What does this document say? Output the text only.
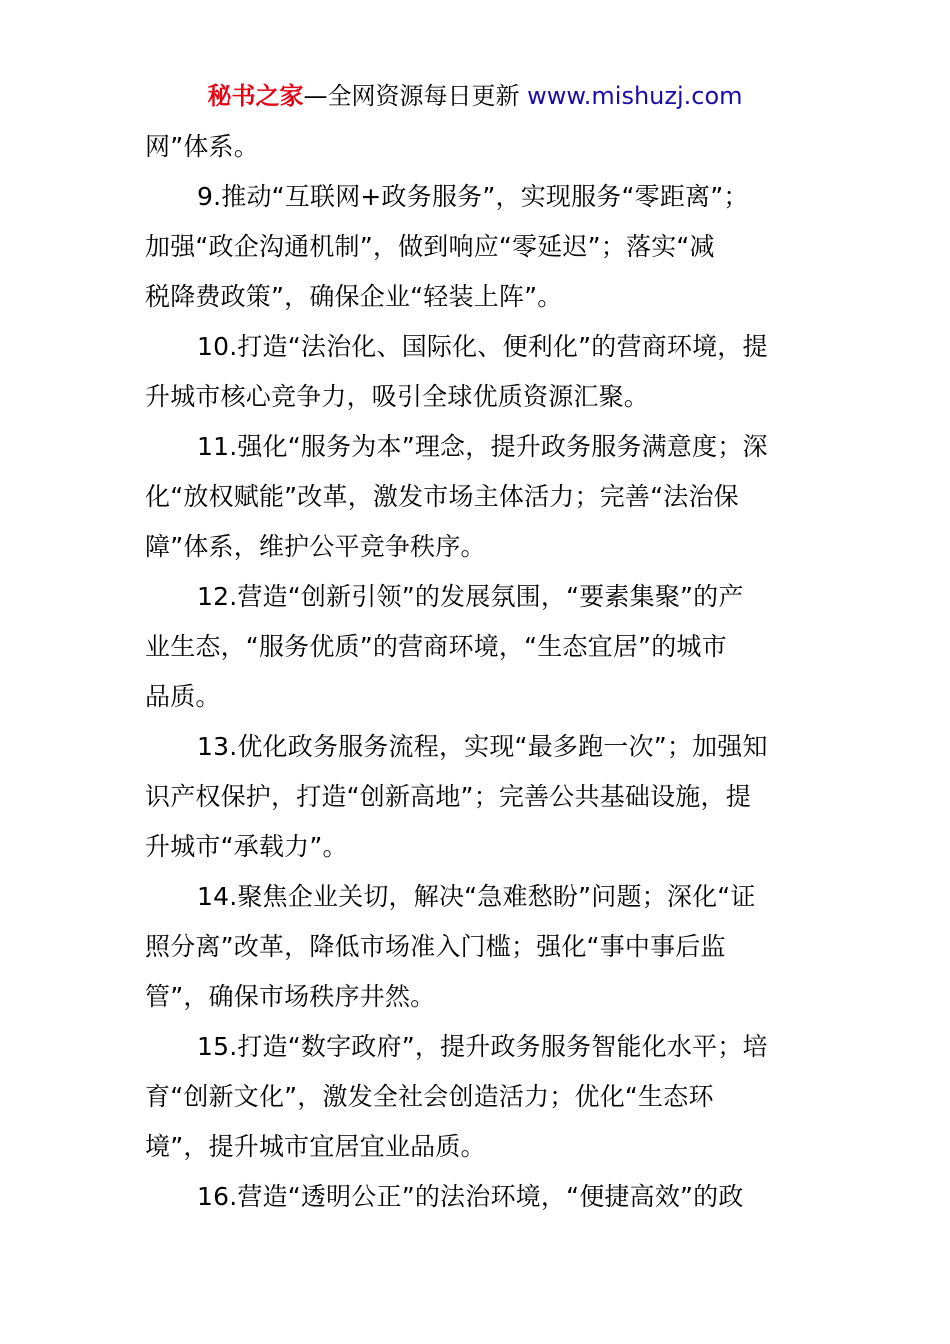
秘书之家—全网资源每日更新 www.mishuzj.com
网”体系。
9.推动“互联网+政务服务”，实现服务“零距离”；
加强“政企沟通机制”，做到响应“零延迟”；落实“减
税降费政策”，确保企业“轻装上阵”。
10.打造“法治化、国际化、便利化”的营商环境，提
升城市核心竞争力，吸引全球优质资源汇聚。
11.强化“服务为本”理念，提升政务服务满意度；深
化“放权赋能”改革，激发市场主体活力；完善“法治保
障”体系，维护公平竞争秩序。
12.营造“创新引领”的发展氛围，“要素集聚”的产
业生态，“服务优质”的营商环境，“生态宜居”的城市
品质。
13.优化政务服务流程，实现“最多跑一次”；加强知
识产权保护，打造“创新高地”；完善公共基础设施，提
升城市“承载力”。
14.聚焦企业关切，解决“急难愁盼”问题；深化“证
照分离”改革，降低市场准入门槛；强化“事中事后监
管”，确保市场秩序井然。
15.打造“数字政府”，提升政务服务智能化水平；培
育“创新文化”，激发全社会创造活力；优化“生态环
境”，提升城市宜居宜业品质。
16.营造“透明公正”的法治环境，“便捷高效”的政
